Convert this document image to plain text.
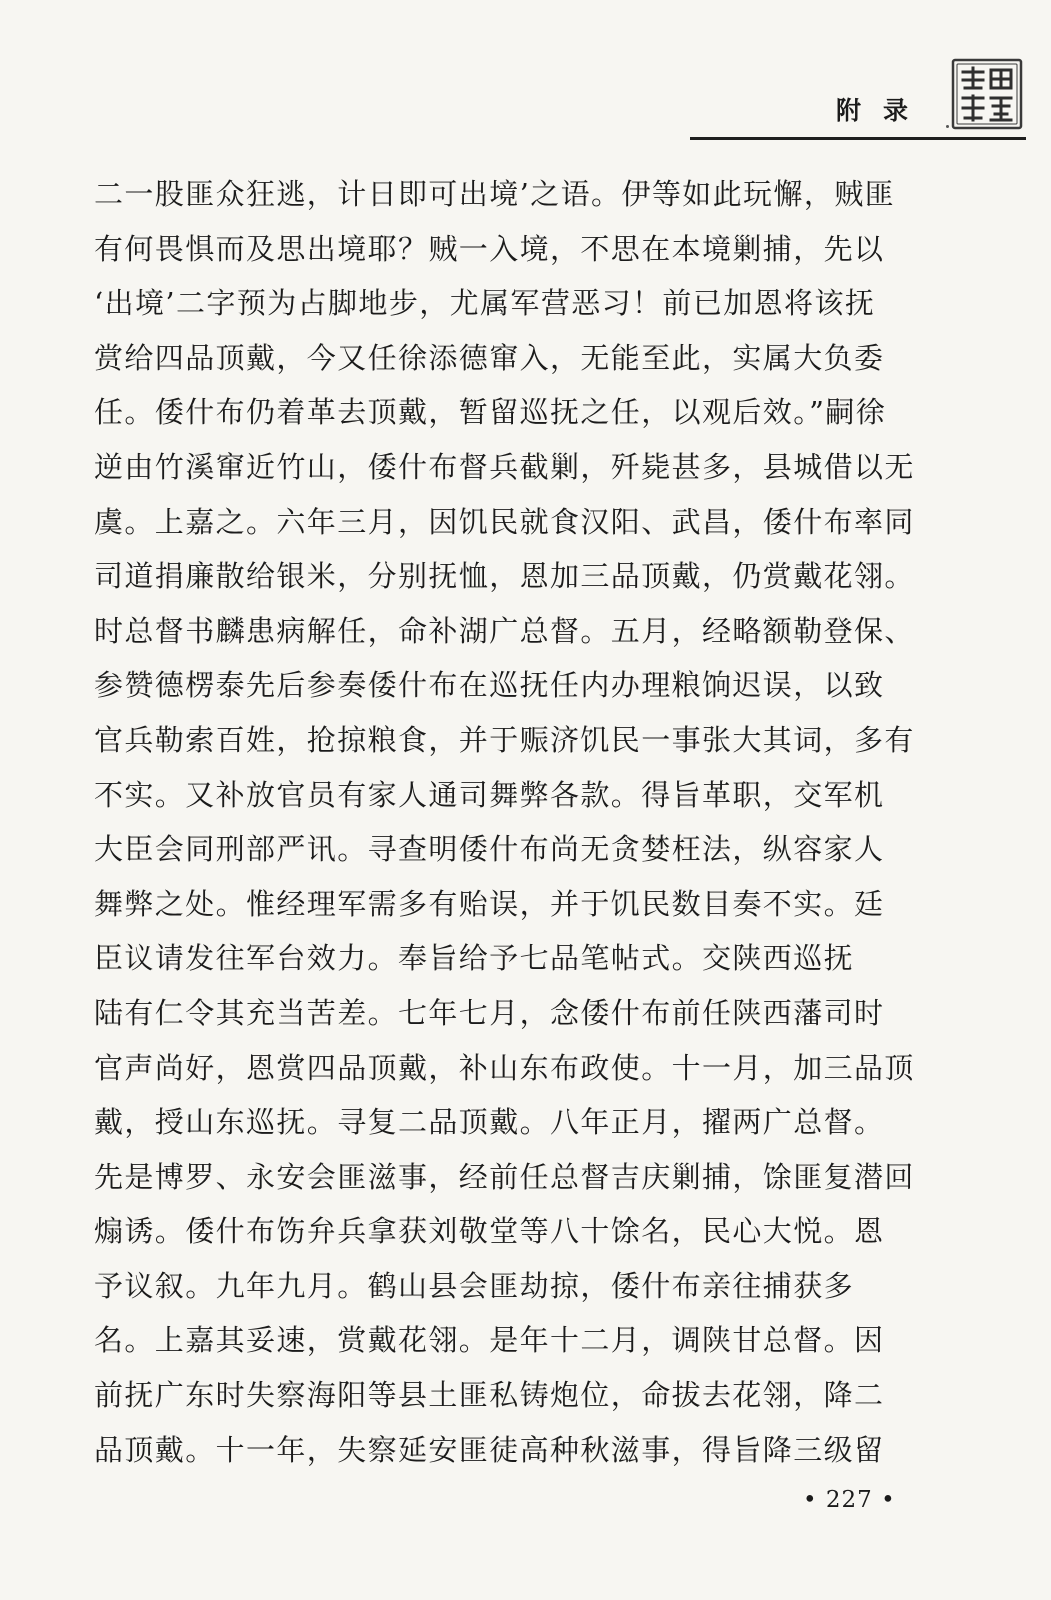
附录
二一股匪众狂逃，计日即可出境’之语。伊等如此玩懈，贼匪
有何畏惧而及思出境耶？贼一入境，不思在本境剿捕，先以
‘出境’二字预为占脚地步，尤属军营恶习！前已加恩将该抚
赏给四品顶戴，今又任徐添德窜入，无能至此，实属大负委
任。倭什布仍着革去顶戴，暂留巡抚之任，以观后效。”嗣徐
逆由竹溪窜近竹山，倭什布督兵截剿，歼毙甚多，县城借以无
虞。上嘉之。六年三月，因饥民就食汉阳、武昌，倭什布率同
司道捐廉散给银米，分别抚恤，恩加三品顶戴，仍赏戴花翎。
时总督书麟患病解任，命补湖广总督。五月，经略额勒登保、
参赞德楞泰先后参奏倭什布在巡抚任内办理粮饷迟误，以致
官兵勒索百姓，抢掠粮食，并于赈济饥民一事张大其词，多有
不实。又补放官员有家人通司舞弊各款。得旨革职，交军机
大臣会同刑部严讯。寻查明倭什布尚无贪婪枉法，纵容家人
舞弊之处。惟经理军需多有贻误，并于饥民数目奏不实。廷
臣议请发往军台效力。奉旨给予七品笔帖式。交陕西巡抚
陆有仁令其充当苦差。七年七月，念倭什布前任陕西藩司时
官声尚好，恩赏四品顶戴，补山东布政使。十一月，加三品顶
戴，授山东巡抚。寻复二品顶戴。八年正月，擢两广总督。
先是博罗、永安会匪滋事，经前任总督吉庆剿捕，馀匪复潜回
煽诱。倭什布饬弁兵拿获刘敬堂等八十馀名，民心大悦。恩
予议叙。九年九月。鹤山县会匪劫掠，倭什布亲往捕获多
名。上嘉其妥速，赏戴花翎。是年十二月，调陕甘总督。因
前抚广东时失察海阳等县土匪私铸炮位，命拔去花翎，降二
品顶戴。十一年，失察延安匪徒高种秋滋事，得旨降三级留
• 227 •
